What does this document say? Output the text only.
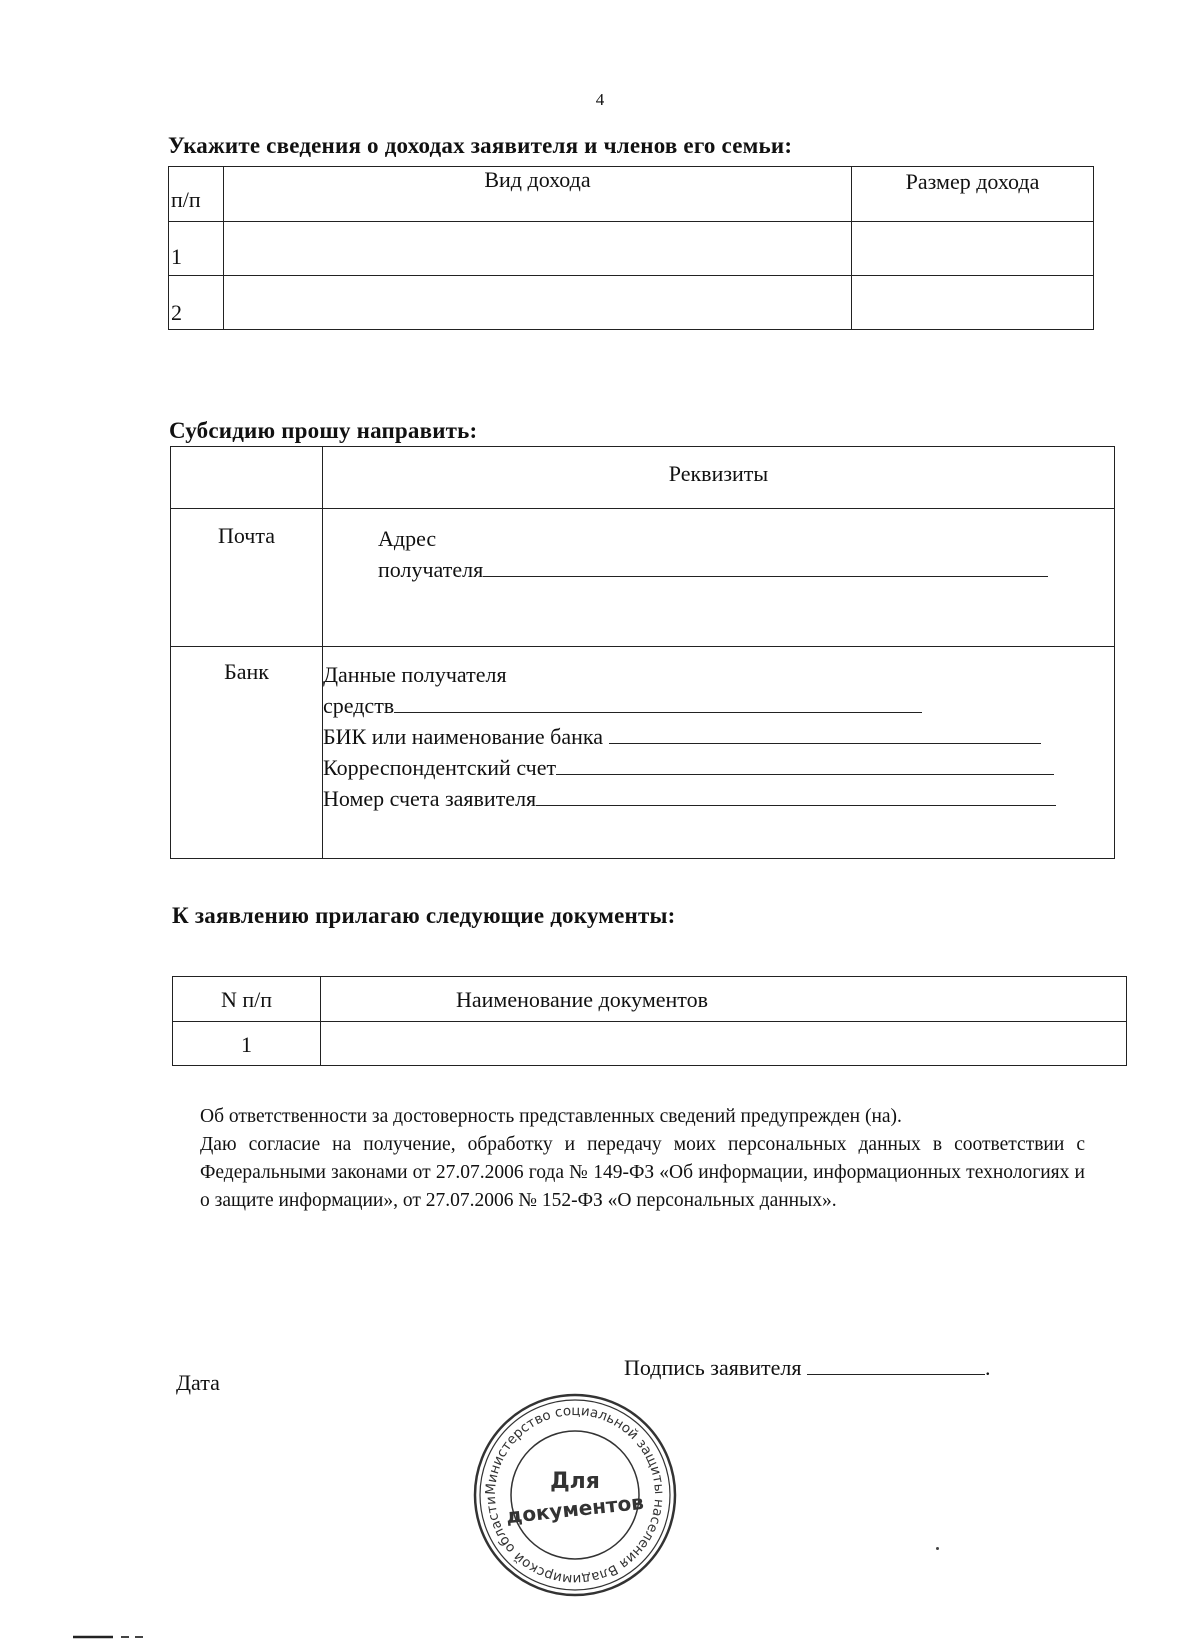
4
Укажите сведения о доходах заявителя и членов его семьи:
п/п	Вид дохода	Размер дохода

1		

2		

Субсидию прошу направить:

	Реквизиты

Почта	Адрес
получателя

Банк	Данные получателя
средств
БИК или наименование банка
Корреспондентский счет
Номер счета заявителя
К заявлению прилагаю следующие документы:
N п/п	Наименование документов

1	

Об ответственности за достоверность представленных сведений предупрежден (на).
Даю согласие на получение, обработку и передачу моих персональных данных в соответствии с Федеральными законами от 27.07.2006 года № 149-ФЗ «Об информации, информационных технологиях и о защите информации», от 27.07.2006 № 152-ФЗ «О персональных данных».
Дата
Подпись заявителя	.
Министерство социальной защиты населения Владимирской области
Для
документов
